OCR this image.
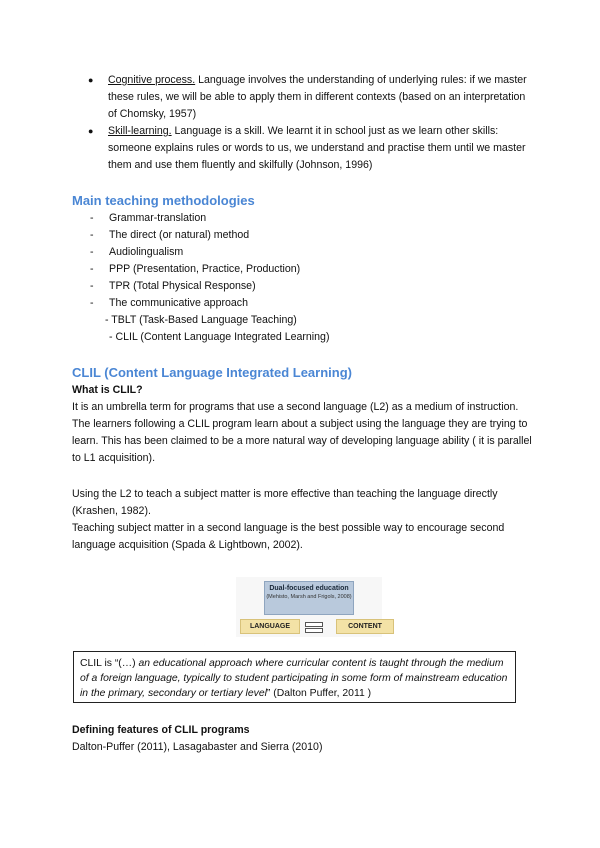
● Cognitive process. Language involves the understanding of underlying rules: if we master these rules, we will be able to apply them in different contexts (based on an interpretation of Chomsky, 1957)
● Skill-learning. Language is a skill. We learnt it in school just as we learn other skills: someone explains rules or words to us, we understand and practise them until we master them and use them fluently and skilfully (Johnson, 1996)
Main teaching methodologies
- Grammar-translation
- The direct (or natural) method
- Audiolingualism
- PPP (Presentation, Practice, Production)
- TPR (Total Physical Response)
- The communicative approach
- TBLT (Task-Based Language Teaching)
- CLIL (Content Language Integrated Learning)
CLIL (Content Language Integrated Learning)
What is CLIL?

It is an umbrella term for programs that use a second language (L2) as a medium of instruction. The learners following a CLIL program learn about a subject using the language they are trying to learn. This has been claimed to be a more natural way of developing language ability ( it is parallel to L1 acquisition).

Using the L2 to teach a subject matter is more effective than teaching the language directly (Krashen, 1982).

Teaching subject matter in a second language is the best possible way to encourage second language acquisition (Spada & Lightbown, 2002).

Dual-focused education
(Mehisto, Marsh and Frigols, 2008)
LANGUAGE	CONTENT
CLIL is “(…) an educational approach where curricular content is taught through the medium of a foreign language, typically to student participating in some form of mainstream education in the primary, secondary or tertiary level” (Dalton Puffer, 2011 )
Defining features of CLIL programs
Dalton-Puffer (2011), Lasagabaster and Sierra (2010)
